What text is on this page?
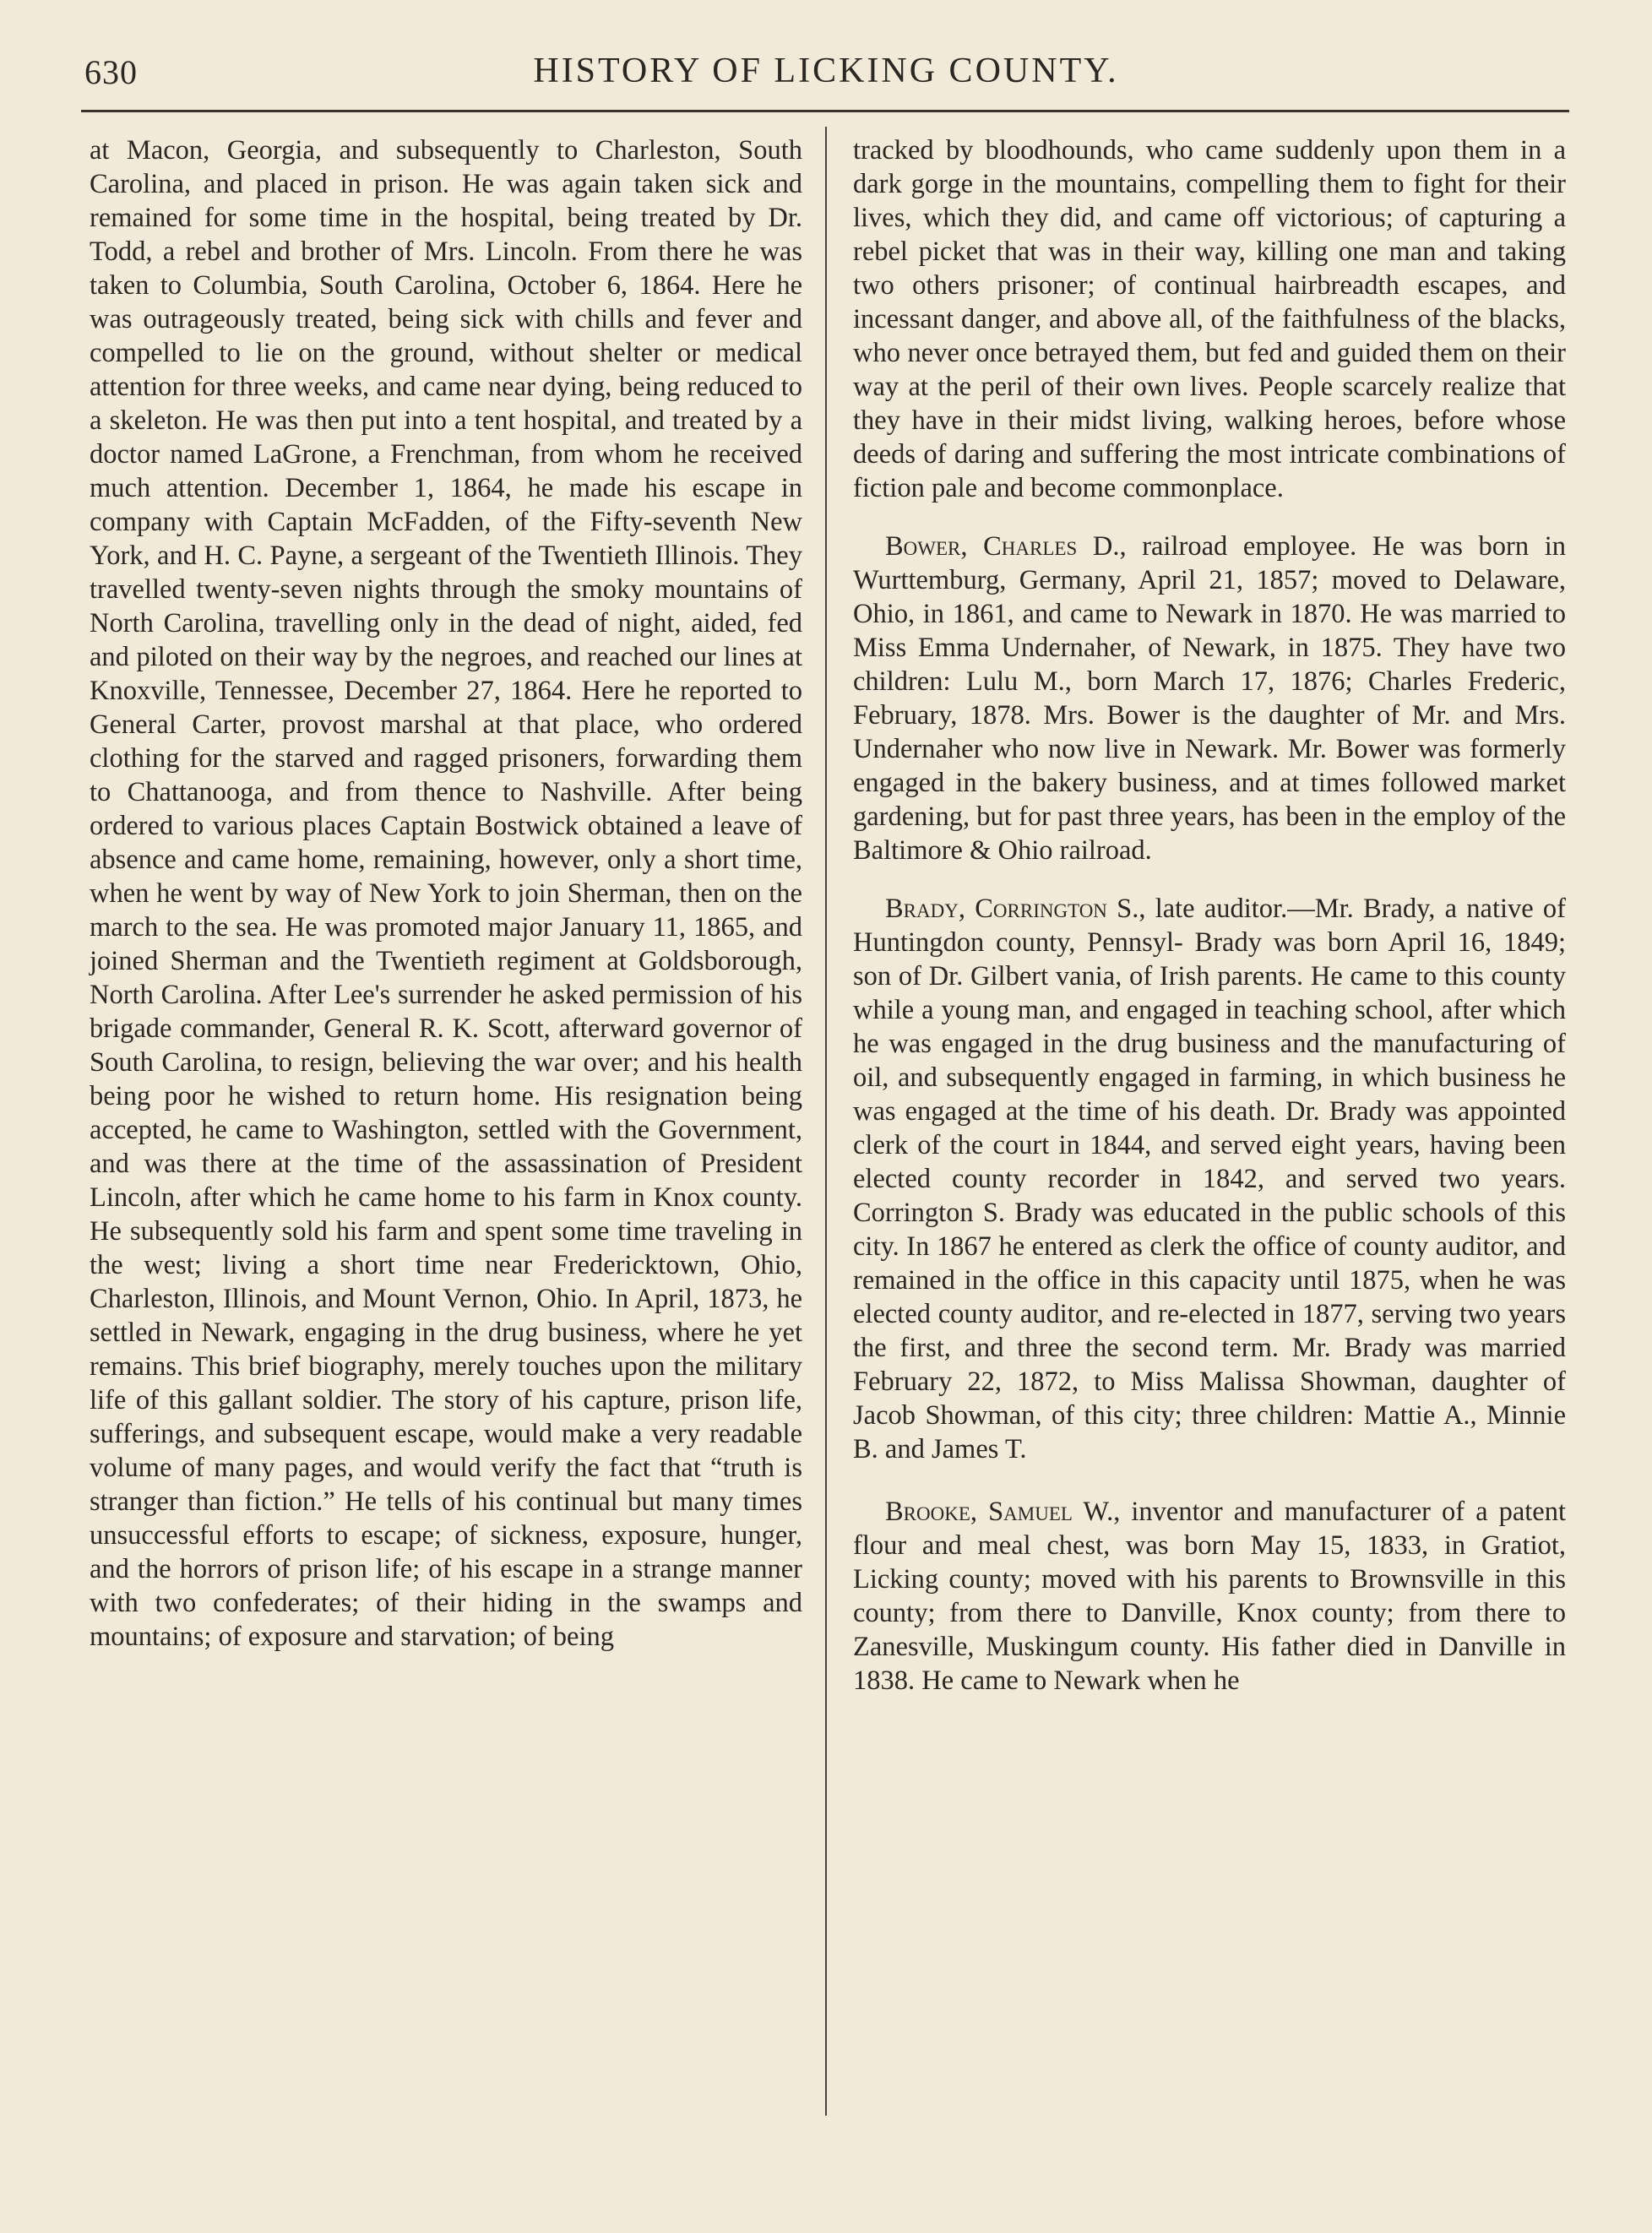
630	HISTORY OF LICKING COUNTY.

at Macon, Georgia, and subsequently to Charleston, South Carolina, and placed in prison. He was again taken sick and remained for some time in the hospital, being treated by Dr. Todd, a rebel and brother of Mrs. Lincoln. From there he was taken to Columbia, South Carolina, October 6, 1864. Here he was outrageously treated, being sick with chills and fever and compelled to lie on the ground, without shelter or medical attention for three weeks, and came near dying, being reduced to a skeleton. He was then put into a tent hospital, and treated by a doctor named LaGrone, a Frenchman, from whom he received much attention. December 1, 1864, he made his escape in company with Captain McFadden, of the Fifty-seventh New York, and H. C. Payne, a sergeant of the Twentieth Illinois. They travelled twenty-seven nights through the smoky mountains of North Carolina, travelling only in the dead of night, aided, fed and piloted on their way by the negroes, and reached our lines at Knoxville, Tennessee, December 27, 1864. Here he reported to General Carter, provost marshal at that place, who ordered clothing for the starved and ragged prisoners, forwarding them to Chattanooga, and from thence to Nashville. After being ordered to various places Captain Bostwick obtained a leave of absence and came home, remaining, however, only a short time, when he went by way of New York to join Sherman, then on the march to the sea. He was promoted major January 11, 1865, and joined Sherman and the Twentieth regiment at Goldsborough, North Carolina. After Lee's surrender he asked permission of his brigade commander, General R. K. Scott, afterward governor of South Carolina, to resign, believing the war over; and his health being poor he wished to return home. His resignation being accepted, he came to Washington, settled with the Government, and was there at the time of the assassination of President Lincoln, after which he came home to his farm in Knox county. He subsequently sold his farm and spent some time traveling in the west; living a short time near Fredericktown, Ohio, Charleston, Illinois, and Mount Vernon, Ohio. In April, 1873, he settled in Newark, engaging in the drug business, where he yet remains. This brief biography, merely touches upon the military life of this gallant soldier. The story of his capture, prison life, sufferings, and subsequent escape, would make a very readable volume of many pages, and would verify the fact that “truth is stranger than fiction.” He tells of his continual but many times unsuccessful efforts to escape; of sickness, exposure, hunger, and the horrors of prison life; of his escape in a strange manner with two confederates; of their hiding in the swamps and mountains; of exposure and starvation; of being

tracked by bloodhounds, who came suddenly upon them in a dark gorge in the mountains, compelling them to fight for their lives, which they did, and came off victorious; of capturing a rebel picket that was in their way, killing one man and taking two others prisoner; of continual hairbreadth escapes, and incessant danger, and above all, of the faithfulness of the blacks, who never once betrayed them, but fed and guided them on their way at the peril of their own lives. People scarcely realize that they have in their midst living, walking heroes, before whose deeds of daring and suffering the most intricate combinations of fiction pale and become commonplace.

Bower, Charles D., railroad employee. He was born in Wurttemburg, Germany, April 21, 1857; moved to Delaware, Ohio, in 1861, and came to Newark in 1870. He was married to Miss Emma Undernaher, of Newark, in 1875. They have two children: Lulu M., born March 17, 1876; Charles Frederic, February, 1878. Mrs. Bower is the daughter of Mr. and Mrs. Undernaher who now live in Newark. Mr. Bower was formerly engaged in the bakery business, and at times followed market gardening, but for past three years, has been in the employ of the Baltimore & Ohio railroad.

Brady, Corrington S., late auditor.—Mr. Brady, a native of Huntingdon county, Pennsyl- Brady was born April 16, 1849; son of Dr. Gilbert vania, of Irish parents. He came to this county while a young man, and engaged in teaching school, after which he was engaged in the drug business and the manufacturing of oil, and subsequently engaged in farming, in which business he was engaged at the time of his death. Dr. Brady was appointed clerk of the court in 1844, and served eight years, having been elected county recorder in 1842, and served two years. Corrington S. Brady was educated in the public schools of this city. In 1867 he entered as clerk the office of county auditor, and remained in the office in this capacity until 1875, when he was elected county auditor, and re-elected in 1877, serving two years the first, and three the second term. Mr. Brady was married February 22, 1872, to Miss Malissa Showman, daughter of Jacob Showman, of this city; three children: Mattie A., Minnie B. and James T.

Brooke, Samuel W., inventor and manufacturer of a patent flour and meal chest, was born May 15, 1833, in Gratiot, Licking county; moved with his parents to Brownsville in this county; from there to Danville, Knox county; from there to Zanesville, Muskingum county. His father died in Danville in 1838. He came to Newark when he
